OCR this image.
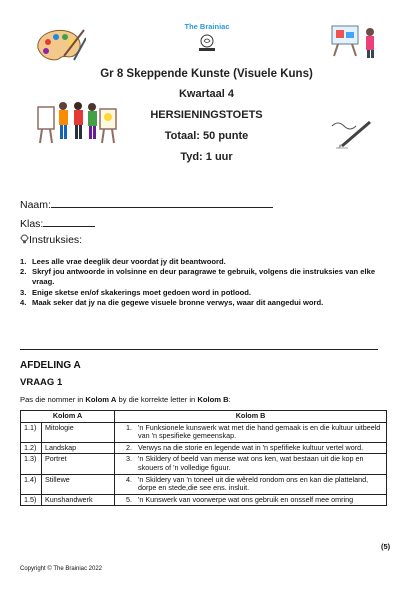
The Brainiac
Gr 8 Skeppende Kunste (Visuele Kuns)
Kwartaal 4
HERSIENINGSTOETS
Totaal: 50 punte
Tyd: 1 uur
Naam:
Klas:
Instruksies:
1. Lees alle vrae deeglik deur voordat jy dit beantwoord.
2. Skryf jou antwoorde in volsinne en deur paragrawe te gebruik, volgens die instruksies van elke vraag.
3. Enige sketse en/of skakerings moet gedoen word in potlood.
4. Maak seker dat jy na die gegewe visuele bronne verwys, waar dit aangedui word.
AFDELING A
VRAAG 1
Pas die nommer in Kolom A by die korrekte letter in Kolom B:
Kolom A		Kolom B	
1.1)	Mitologie	1.	'n Funksionele kunswerk wat met die hand gemaak is en die kultuur uitbeeld van 'n spesifieke gemeenskap.
1.2)	Landskap	2.	Verwys na die storie en legende wat in 'n spefifieke kultuur vertel word.
1.3)	Portret	3.	'n Skildery of beeld van mense wat ons ken, wat bestaan uit die kop en skouers of 'n volledige figuur.
1.4)	Stillewe	4.	'n Skildery van 'n toneel uit die wêreld rondom ons en kan die platteland, dorpe en stede,die see ens. insluit.
1.5)	Kunshandwerk	5.	'n Kunswerk van voorwerpe wat ons gebruik en onsself mee omring
(5)
Copyright © The Brainiac 2022
